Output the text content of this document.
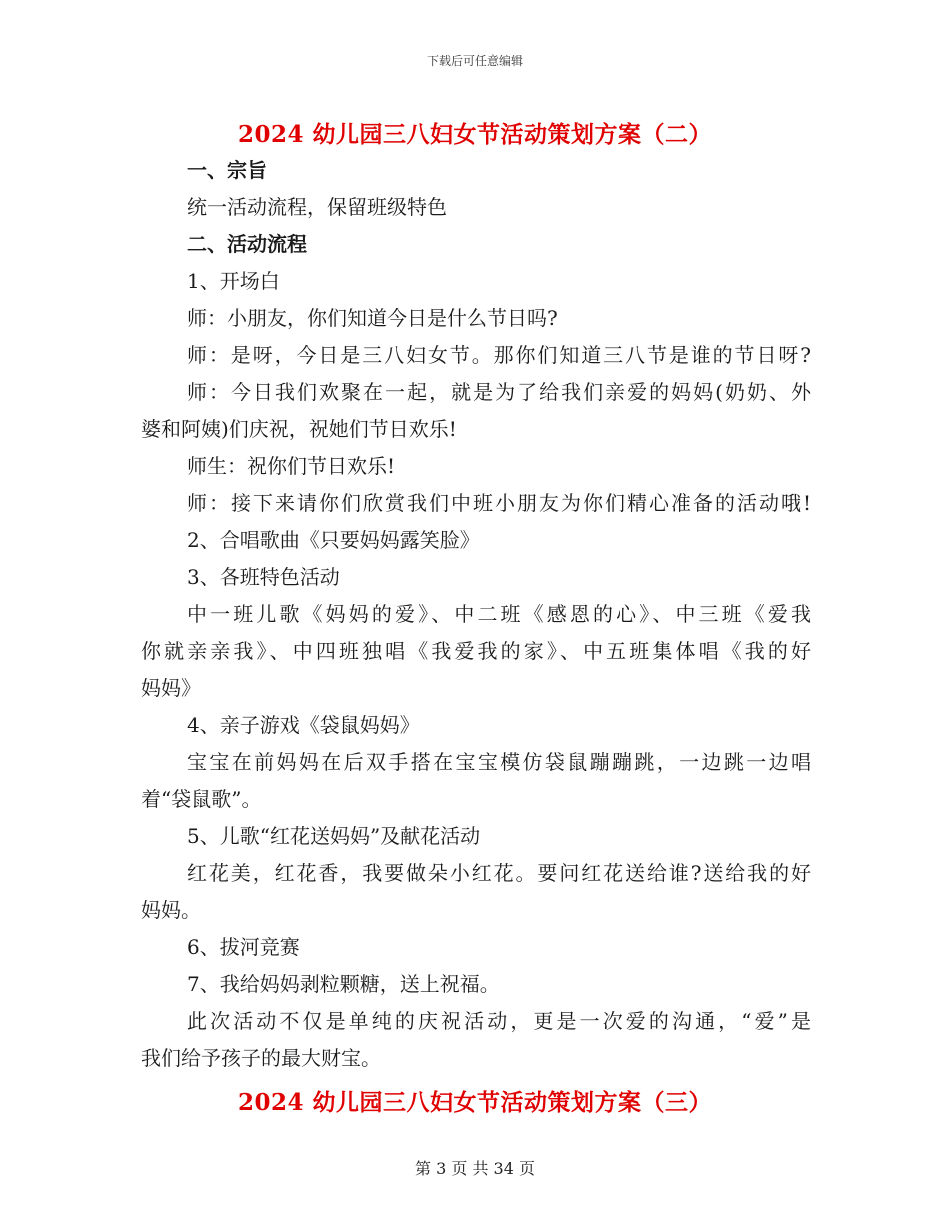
下载后可任意编辑
2024 幼儿园三八妇女节活动策划方案（二）
一、宗旨
统一活动流程，保留班级特色
二、活动流程
1、开场白
师：小朋友，你们知道今日是什么节日吗?
师：是呀，今日是三八妇女节。那你们知道三八节是谁的节日呀?
师：今日我们欢聚在一起，就是为了给我们亲爱的妈妈(奶奶、外
婆和阿姨)们庆祝，祝她们节日欢乐!
师生：祝你们节日欢乐!
师：接下来请你们欣赏我们中班小朋友为你们精心准备的活动哦!
2、合唱歌曲《只要妈妈露笑脸》
3、各班特色活动
中一班儿歌《妈妈的爱》、中二班《感恩的心》、中三班《爱我
你就亲亲我》、中四班独唱《我爱我的家》、中五班集体唱《我的好
妈妈》
4、亲子游戏《袋鼠妈妈》
宝宝在前妈妈在后双手搭在宝宝模仿袋鼠蹦蹦跳，一边跳一边唱
着“袋鼠歌”。
5、儿歌“红花送妈妈”及献花活动
红花美，红花香，我要做朵小红花。要问红花送给谁?送给我的好
妈妈。
6、拔河竞赛
7、我给妈妈剥粒颗糖，送上祝福。
此次活动不仅是单纯的庆祝活动，更是一次爱的沟通，“爱”是
我们给予孩子的最大财宝。
2024 幼儿园三八妇女节活动策划方案（三）
第 3 页 共 34 页
